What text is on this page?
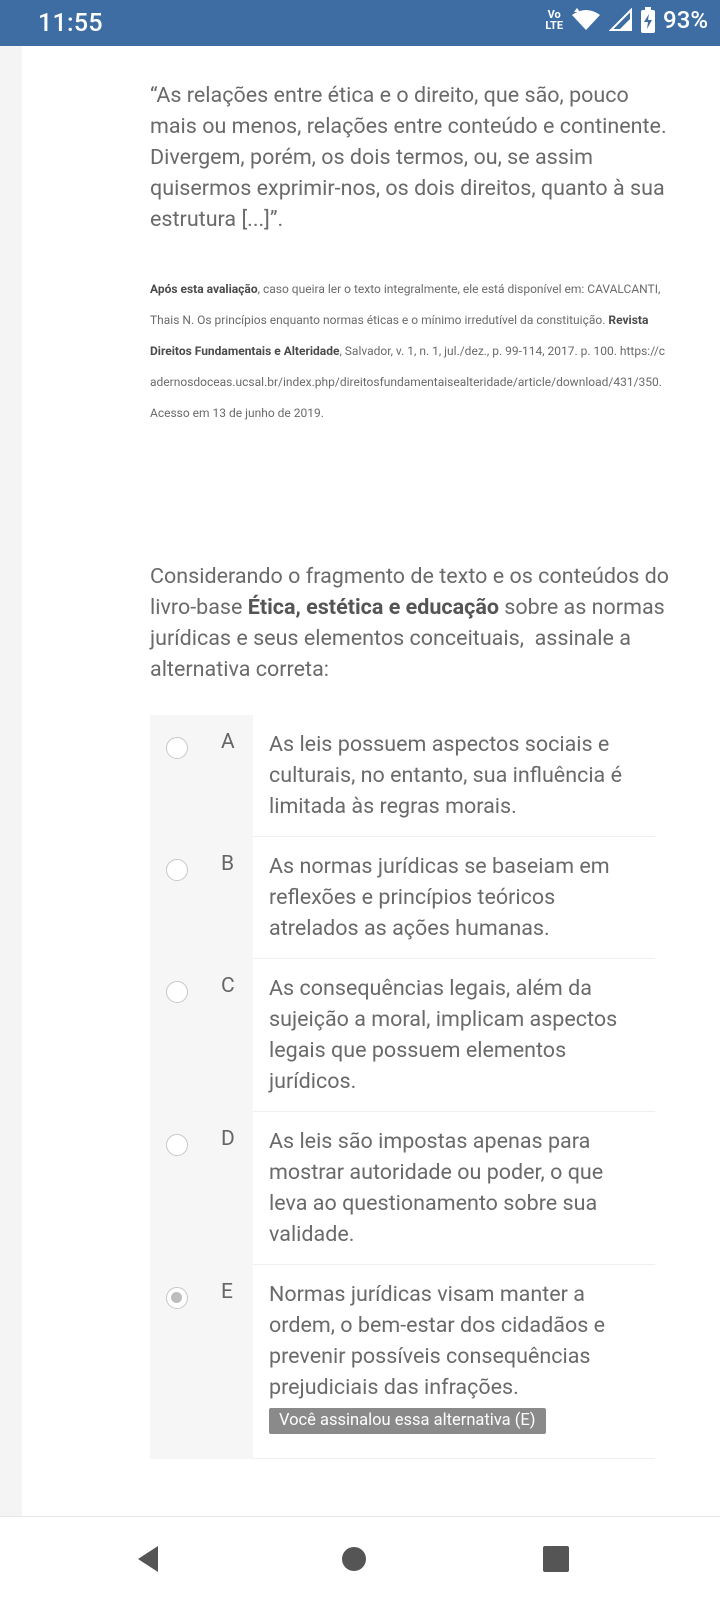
11:55	Vo
LTE	93%
“As relações entre ética e o direito, que são, pouco mais ou menos, relações entre conteúdo e continente. Divergem, porém, os dois termos, ou, se assim quisermos exprimir-nos, os dois direitos, quanto à sua estrutura [...]”.
Após esta avaliação, caso queira ler o texto integralmente, ele está disponível em: CAVALCANTI, Thais N. Os princípios enquanto normas éticas e o mínimo irredutível da constituição. Revista Direitos Fundamentais e Alteridade, Salvador, v. 1, n. 1, jul./dez., p. 99-114, 2017. p. 100. https://cadernosdoceas.ucsal.br/index.php/direitosfundamentaisealteridade/article/download/431/350. Acesso em 13 de junho de 2019.
Considerando o fragmento de texto e os conteúdos do livro-base Ética, estética e educação sobre as normas jurídicas e seus elementos conceituais,  assinale a alternativa correta:
A	As leis possuem aspectos sociais e culturais, no entanto, sua influência é limitada às regras morais.
B	As normas jurídicas se baseiam em reflexões e princípios teóricos atrelados as ações humanas.
C	As consequências legais, além da sujeição a moral, implicam aspectos legais que possuem elementos jurídicos.
D	As leis são impostas apenas para mostrar autoridade ou poder, o que leva ao questionamento sobre sua validade.
E Normas jurídicas visam manter a ordem, o bem-estar dos cidadãos e prevenir possíveis consequências prejudiciais das infrações.
Você assinalou essa alternativa (E)
